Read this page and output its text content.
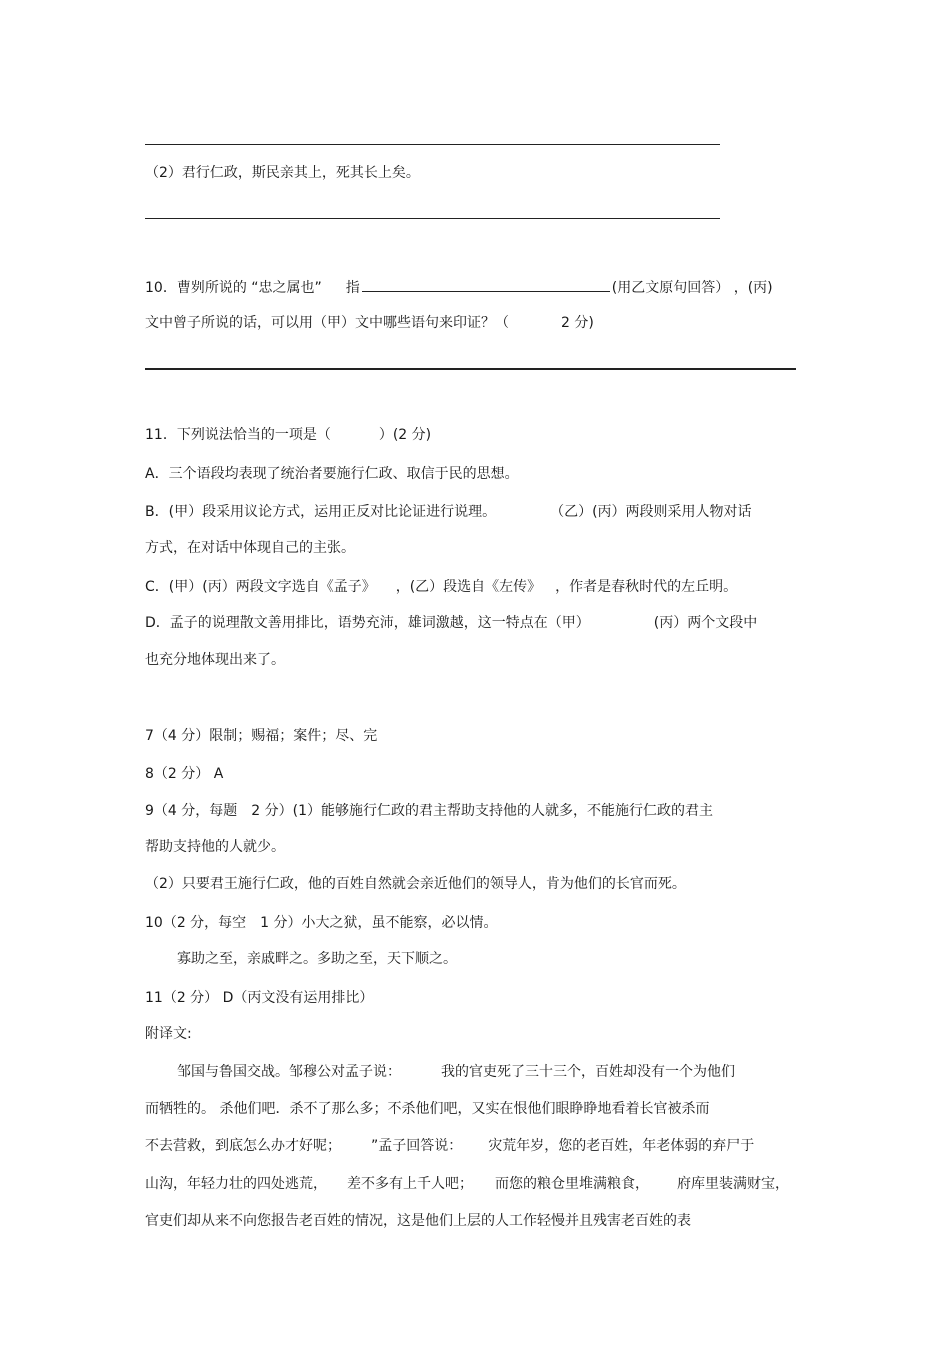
（2）君行仁政，斯民亲其上，死其长上矣。
10．曹刿所说的 “忠之属也” 指	(用乙文原句回答） ，(丙)
文中曾子所说的话，可以用（甲）文中哪些语句来印证？（	2 分)
11．下列说法恰当的一项是（	）(2 分)
A．三个语段均表现了统治者要施行仁政、取信于民的思想。
B．(甲）段采用议论方式，运用正反对比论证进行说理。	（乙）(丙）两段则采用人物对话
方式，在对话中体现自己的主张。
C．(甲）(丙）两段文字选自《孟子》 ，(乙）段选自《左传》 ，作者是春秋时代的左丘明。
D．孟子的说理散文善用排比，语势充沛，雄词激越，这一特点在（甲）	(丙）两个文段中
也充分地体现出来了。
7（4 分）限制；赐福；案件；尽、完
8（2 分） A
9（4 分，每题　2 分）(1）能够施行仁政的君主帮助支持他的人就多，不能施行仁政的君主
帮助支持他的人就少。
（2）只要君王施行仁政，他的百姓自然就会亲近他们的领导人，肯为他们的长官而死。
10（2 分，每空　1 分）小大之狱，虽不能察，必以情。
寡助之至，亲戚畔之。多助之至，天下顺之。
11（2 分） D（丙文没有运用排比）
附译文:
邹国与鲁国交战。邹穆公对孟子说：	我的官吏死了三十三个，百姓却没有一个为他们
而牺牲的。 杀他们吧．杀不了那么多；不杀他们吧，又实在恨他们眼睁睁地看着长官被杀而
不去营救，到底怎么办才好呢； ”孟子回答说： 灾荒年岁，您的老百姓，年老体弱的弃尸于
山沟，年轻力壮的四处逃荒， 差不多有上千人吧； 而您的粮仓里堆满粮食， 府库里装满财宝，
官吏们却从来不向您报告老百姓的情况，这是他们上层的人工作轻慢并且残害老百姓的表
